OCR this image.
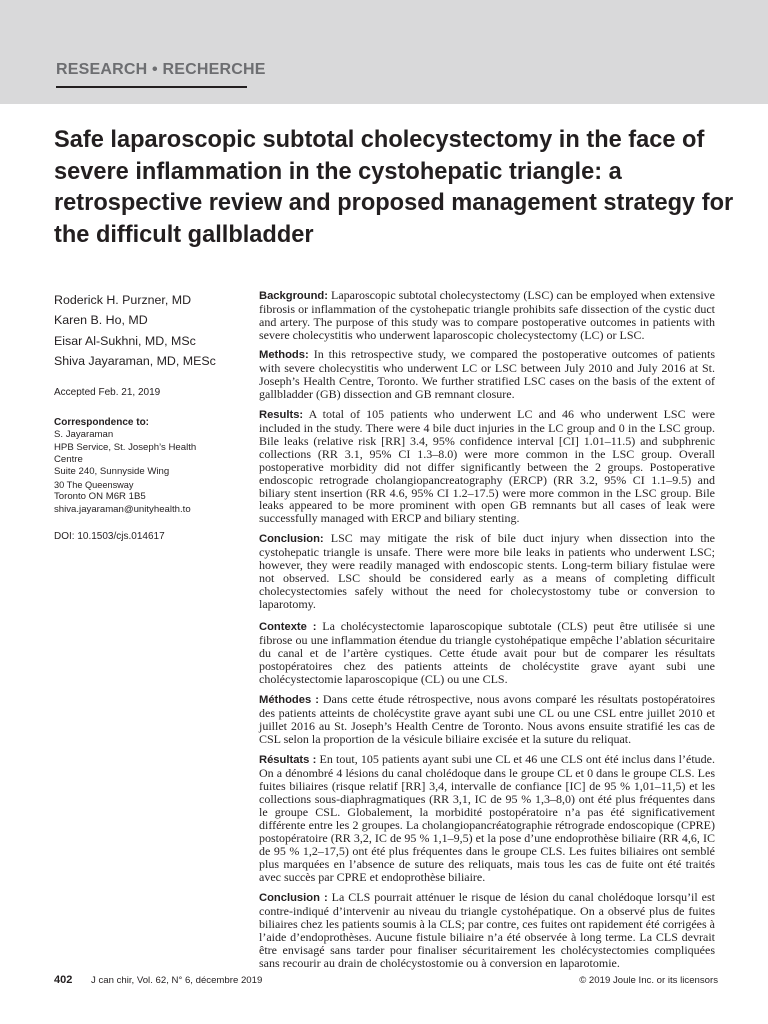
RESEARCH • RECHERCHE
Safe laparoscopic subtotal cholecystectomy in the face of severe inflammation in the cystohepatic triangle: a retrospective review and proposed management strategy for the difficult gallbladder
Roderick H. Purzner, MD
Karen B. Ho, MD
Eisar Al-Sukhni, MD, MSc
Shiva Jayaraman, MD, MESc
Accepted Feb. 21, 2019
Correspondence to:
S. Jayaraman
HPB Service, St. Joseph’s Health
Centre
Suite 240, Sunnyside Wing
30 The Queensway
Toronto ON M6R 1B5
shiva.jayaraman@unityhealth.to
DOI: 10.1503/cjs.014617

Background: Laparoscopic subtotal cholecystectomy (LSC) can be employed when extensive fibrosis or inflammation of the cystohepatic triangle prohibits safe dissection of the cystic duct and artery. The purpose of this study was to compare postoperative outcomes in patients with severe cholecystitis who underwent laparoscopic cholecystectomy (LC) or LSC.

Methods: In this retrospective study, we compared the postoperative outcomes of patients with severe cholecystitis who underwent LC or LSC between July 2010 and July 2016 at St. Joseph’s Health Centre, Toronto. We further stratified LSC cases on the basis of the extent of gallbladder (GB) dissection and GB remnant closure.

Results: A total of 105 patients who underwent LC and 46 who underwent LSC were included in the study. There were 4 bile duct injuries in the LC group and 0 in the LSC group. Bile leaks (relative risk [RR] 3.4, 95% confidence interval [CI] 1.01–11.5) and subphrenic collections (RR 3.1, 95% CI 1.3–8.0) were more common in the LSC group. Overall postoperative morbidity did not differ significantly between the 2 groups. Postoperative endoscopic retrograde cholangiopancreatography (ERCP) (RR 3.2, 95% CI 1.1–9.5) and biliary stent insertion (RR 4.6, 95% CI 1.2–17.5) were more common in the LSC group. Bile leaks appeared to be more prominent with open GB remnants but all cases of leak were successfully managed with ERCP and biliary stenting.

Conclusion: LSC may mitigate the risk of bile duct injury when dissection into the cystohepatic triangle is unsafe. There were more bile leaks in patients who underwent LSC; however, they were readily managed with endoscopic stents. Long-term biliary fistulae were not observed. LSC should be considered early as a means of completing difficult cholecystectomies safely without the need for cholecystostomy tube or conversion to laparotomy.

Contexte : La cholécystectomie laparoscopique subtotale (CLS) peut être utilisée si une fibrose ou une inflammation étendue du triangle cystohépatique empêche l’ablation sécuritaire du canal et de l’artère cystiques. Cette étude avait pour but de comparer les résultats postopératoires chez des patients atteints de cholécystite grave ayant subi une cholécystectomie laparoscopique (CL) ou une CLS.

Méthodes : Dans cette étude rétrospective, nous avons comparé les résultats postopératoires des patients atteints de cholécystite grave ayant subi une CL ou une CSL entre juillet 2010 et juillet 2016 au St. Joseph’s Health Centre de Toronto. Nous avons ensuite stratifié les cas de CSL selon la proportion de la vésicule biliaire excisée et la suture du reliquat.

Résultats : En tout, 105 patients ayant subi une CL et 46 une CLS ont été inclus dans l’étude. On a dénombré 4 lésions du canal cholédoque dans le groupe CL et 0 dans le groupe CLS. Les fuites biliaires (risque relatif [RR] 3,4, intervalle de confiance [IC] de 95 % 1,01–11,5) et les collections sous-diaphragmatiques (RR 3,1, IC de 95 % 1,3–8,0) ont été plus fréquentes dans le groupe CSL. Globalement, la morbidité postopératoire n’a pas été significativement différente entre les 2 groupes. La cholangiopancréatographie rétrograde endoscopique (CPRE) postopératoire (RR 3,2, IC de 95 % 1,1–9,5) et la pose d’une endoprothèse biliaire (RR 4,6, IC de 95 % 1,2–17,5) ont été plus fréquentes dans le groupe CLS. Les fuites biliaires ont semblé plus marquées en l’absence de suture des reliquats, mais tous les cas de fuite ont été traités avec succès par CPRE et endoprothèse biliaire.

Conclusion : La CLS pourrait atténuer le risque de lésion du canal cholédoque lorsqu’il est contre-indiqué d’intervenir au niveau du triangle cystohépatique. On a observé plus de fuites biliaires chez les patients soumis à la CLS; par contre, ces fuites ont rapidement été corrigées à l’aide d’endoprothèses. Aucune fistule biliaire n’a été observée à long terme. La CLS devrait être envisagé sans tarder pour finaliser sécuritairement les cholécystectomies compliquées sans recourir au drain de cholécystostomie ou à conversion en laparotomie.

402 J can chir, Vol. 62, N° 6, décembre 2019	© 2019 Joule Inc. or its licensors
